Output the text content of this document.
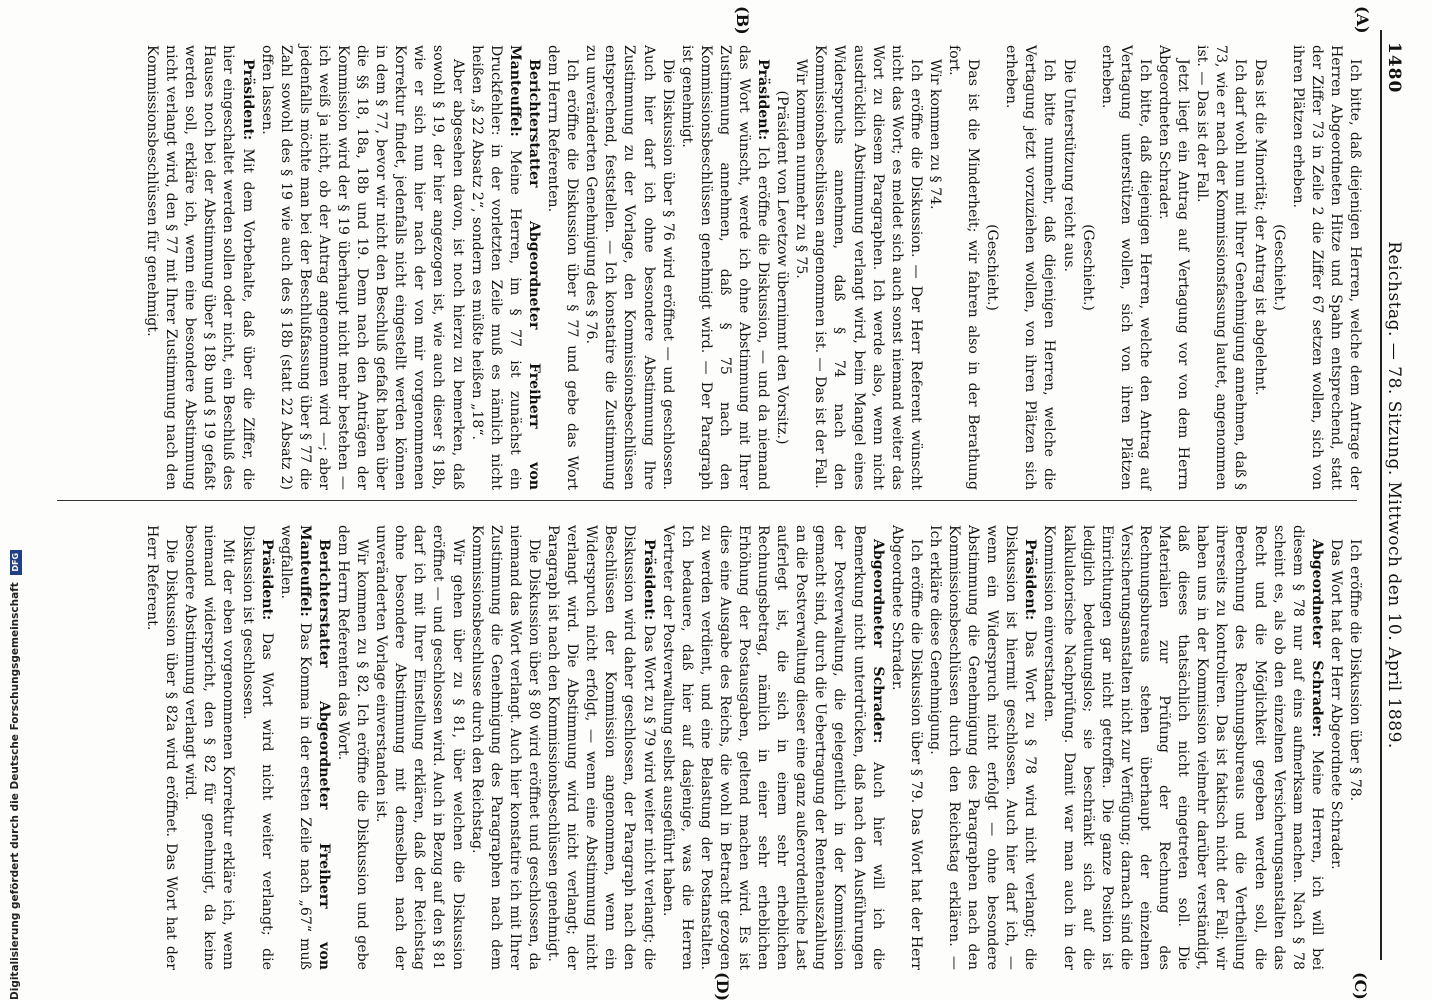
1480
Reichstag. — 78. Sitzung. Mittwoch den 10. April 1889.
(A)
(B)
(C)
(D)

Ich bitte, daß diejenigen Herren, welche dem Antrage der Herren Abgeordneten Hitze und Spahn entsprechend, statt der Ziffer 73 in Zeile 2 die Ziffer 67 setzen wollen, sich von ihren Plätzen erheben.

(Geschieht.)

Das ist die Minorität; der Antrag ist abgelehnt.

Ich darf wohl nun mit Ihrer Genehmigung annehmen, daß § 73, wie er nach der Kommissionsfassung lautet, angenommen ist. — Das ist der Fall.

Jetzt liegt ein Antrag auf Vertagung vor von dem Herrn Abgeordneten Schrader.

Ich bitte, daß diejenigen Herren, welche den Antrag auf Vertagung unterstützen wollen, sich von ihren Plätzen erheben.

(Geschieht.)

Die Unterstützung reicht aus.

Ich bitte nunmehr, daß diejenigen Herren, welche die Vertagung jetzt vorzuziehen wollen, von ihren Plätzen sich erheben.

(Geschieht.)

Das ist die Minderheit; wir fahren also in der Berathung fort.

Wir kommen zu § 74.

Ich eröffne die Diskussion. — Der Herr Referent wünscht nicht das Wort; es meldet sich auch sonst niemand weiter das Wort zu diesem Paragraphen. Ich werde also, wenn nicht ausdrücklich Abstimmung verlangt wird, beim Mangel eines Widerspruchs annehmen, daß § 74 nach den Kommissionsbeschlüssen angenommen ist. — Das ist der Fall.

Wir kommen nunmehr zu § 75.

(Präsident von Levetzow übernimmt den Vorsitz.)

Präsident: Ich eröffne die Diskussion, — und da niemand das Wort wünscht, werde ich ohne Abstimmung mit Ihrer Zustimmung annehmen, daß § 75 nach den Kommissionsbeschlüssen genehmigt wird. — Der Paragraph ist genehmigt.

Die Diskussion über § 76 wird eröffnet — und geschlossen. Auch hier darf ich ohne besondere Abstimmung Ihre Zustimmung zu der Vorlage, den Kommissionsbeschlüssen entsprechend, feststellen. — Ich konstatire die Zustimmung zu unveränderten Genehmigung des § 76.

Ich eröffne die Diskussion über § 77 und gebe das Wort dem Herrn Referenten.

Berichterstatter Abgeordneter Freiherr von Manteuffel: Meine Herren, im § 77 ist zunächst ein Druckfehler: in der vorletzten Zeile muß es nämlich nicht heißen „§ 22 Absatz 2“, sondern es müßte heißen „18“.

Aber abgesehen davon, ist noch hierzu zu bemerken, daß sowohl § 19, der hier angezogen ist, wie auch dieser § 18b, wie er sich nun hier nach der von mir vorgenommenen Korrektur findet, jedenfalls nicht eingestellt werden können in dem § 77, bevor wir nicht den Beschluß gefaßt haben über die §§ 18, 18a, 18b und 19. Denn nach den Anträgen der Kommission wird der § 19 überhaupt nicht mehr bestehen — ich weiß ja nicht, ob der Antrag angenommen wird —; aber jedenfalls möchte man bei der Beschlußfassung über § 77 die Zahl sowohl des § 19 wie auch des § 18b (statt 22 Absatz 2) offen lassen.

Präsident: Mit dem Vorbehalte, daß über die Ziffer, die hier eingeschaltet werden sollen oder nicht, ein Beschluß des Hauses noch bei der Abstimmung über § 18b und § 19 gefaßt werden soll, erkläre ich, wenn eine besondere Abstimmung nicht verlangt wird, den § 77 mit Ihrer Zustimmung nach den Kommissionsbeschlüssen für genehmigt.

Ich eröffne die Diskussion über § 78.

Das Wort hat der Herr Abgeordnete Schrader.

Abgeordneter Schrader: Meine Herren, ich will bei diesem § 78 nur auf eins aufmerksam machen. Nach § 78 scheint es, als ob den einzelnen Versicherungsanstalten das Recht und die Möglichkeit gegeben werden soll, die Berechnung des Rechnungsbureaus und die Vertheilung ihrerseits zu kontroliren. Das ist faktisch nicht der Fall; wir haben uns in der Kommission vielmehr darüber verständigt, daß dieses thatsächlich nicht eingetreten soll. Die Materialien zur Prüfung der Rechnung des Rechnungsbureaus stehen überhaupt der einzelnen Versicherungsanstalten nicht zur Verfügung; darnach sind die Einrichtungen gar nicht getroffen. Die ganze Position ist lediglich bedeutungslos; sie beschränkt sich auf die kalkulatorische Nachprüfung. Damit war man auch in der Kommission einverstanden.

Präsident: Das Wort zu § 78 wird nicht verlangt; die Diskussion ist hiermit geschlossen. Auch hier darf ich, — wenn ein Widerspruch nicht erfolgt — ohne besondere Abstimmung die Genehmigung des Paragraphen nach den Kommissionsbeschlüssen durch den Reichstag erklären. — Ich erkläre diese Genehmigung.

Ich eröffne die Diskussion über § 79. Das Wort hat der Herr Abgeordnete Schrader.

Abgeordneter Schrader: Auch hier will ich die Bemerkung nicht unterdrücken, daß nach den Ausführungen der Postverwaltung, die gelegentlich in der Kommission gemacht sind, durch die Uebertragung der Rentenauszahlung an die Postverwaltung dieser eine ganz außerordentliche Last auferlegt ist, die sich in einem sehr erheblichen Rechnungsbetrag, nämlich in einer sehr erheblichen Erhöhung der Postausgaben, geltend machen wird. Es ist dies eine Ausgabe des Reichs, die wohl in Betracht gezogen zu werden verdient, und eine Belastung der Postanstalten. Ich bedauere, daß hier auf dasjenige, was die Herren Vertreter der Postverwaltung selbst ausgeführt haben.

Präsident: Das Wort zu § 79 wird weiter nicht verlangt; die Diskussion wird daher geschlossen, der Paragraph nach den Beschlüssen der Kommission angenommen, wenn ein Widerspruch nicht erfolgt, — wenn eine Abstimmung nicht verlangt wird. Die Abstimmung wird nicht verlangt; der Paragraph ist nach den Kommissionsbeschlüssen genehmigt.

Die Diskussion über § 80 wird eröffnet und geschlossen, da niemand das Wort verlangt. Auch hier konstatire ich mit Ihrer Zustimmung die Genehmigung des Paragraphen nach dem Kommissionsbeschlusse durch den Reichstag.

Wir gehen über zu § 81, über welchen die Diskussion eröffnet — und geschlossen wird. Auch in Bezug auf den § 81 darf ich mit Ihrer Einstellung erklären, daß der Reichstag ohne besondere Abstimmung mit demselben nach der unveränderten Vorlage einverstanden ist.

Wir kommen zu § 82. Ich eröffne die Diskussion und gebe dem Herrn Referenten das Wort.

Berichterstatter Abgeordneter Freiherr von Manteuffel: Das Komma in der ersten Zeile nach „67“ muß wegfallen.

Präsident: Das Wort wird nicht weiter verlangt; die Diskussion ist geschlossen.

Mit der eben vorgenommenen Korrektur erkläre ich, wenn niemand widerspricht, den § 82 für genehmigt, da keine besondere Abstimmung verlangt wird.

Die Diskussion über § 82a wird eröffnet. Das Wort hat der Herr Referent.

Digitalisierung gefördert durch die Deutsche Forschungsgemeinschaft DFG
